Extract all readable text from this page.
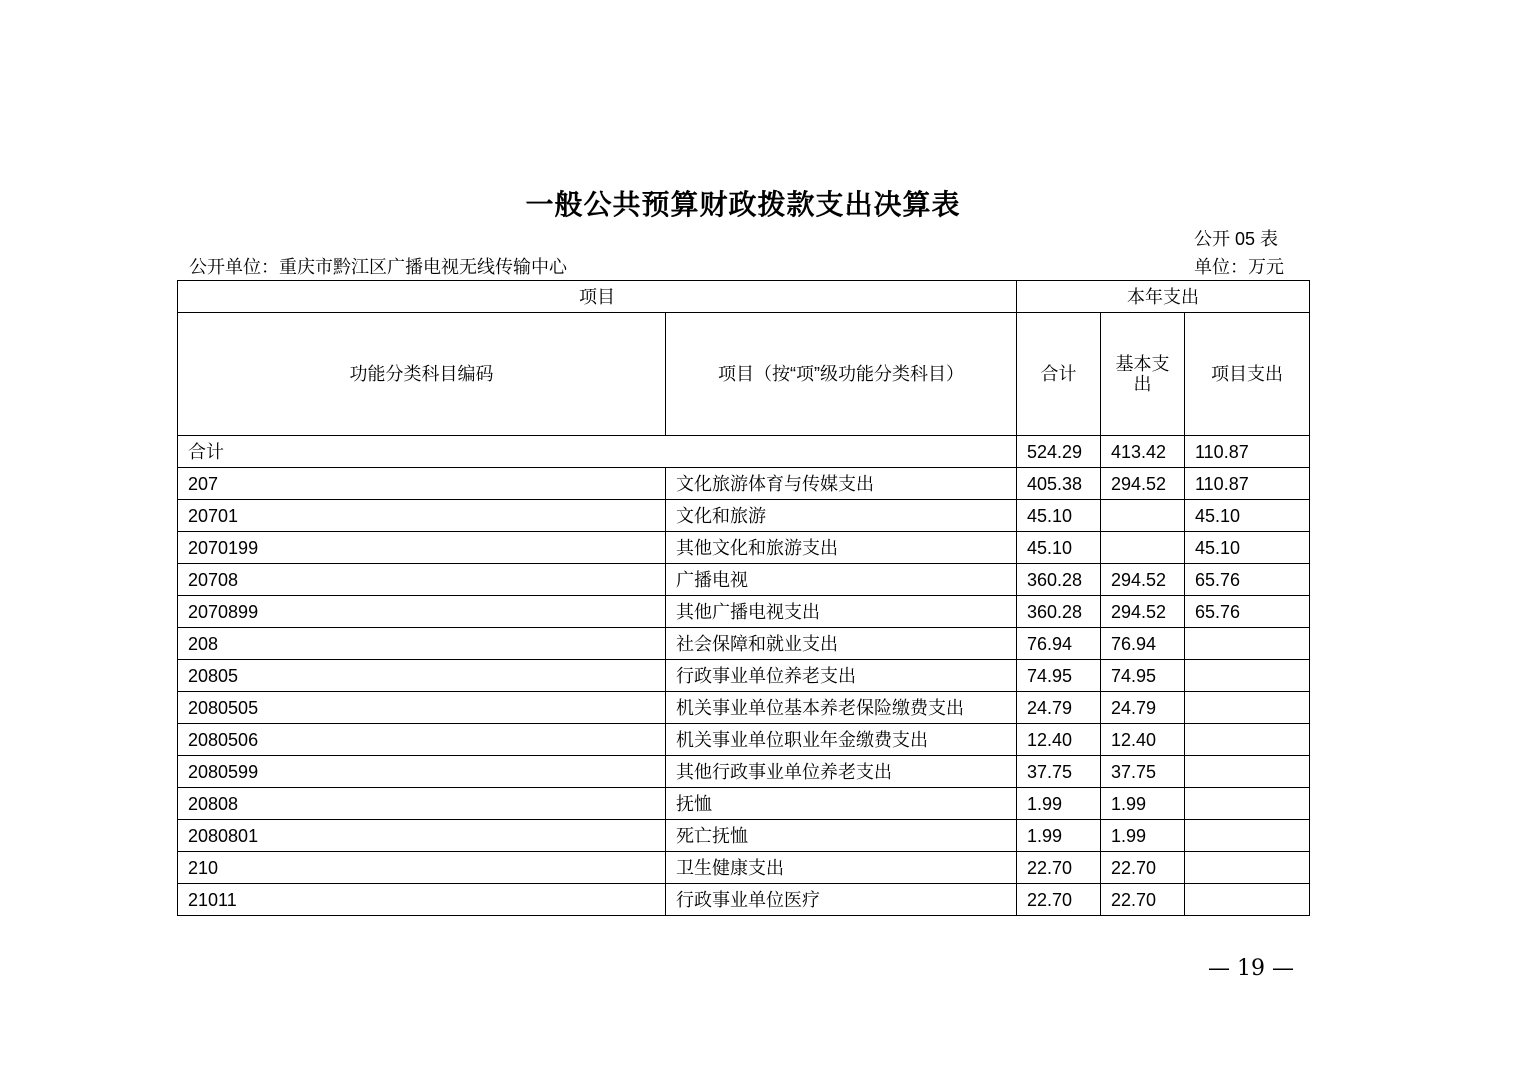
一般公共预算财政拨款支出决算表
公开 05 表
公开单位：重庆市黔江区广播电视无线传输中心	单位：万元
项目		本年支出		
功能分类科目编码	项目（按“项”级功能分类科目）	合计	基本支出	项目支出
合计		524.29	413.42	110.87
207	文化旅游体育与传媒支出	405.38	294.52	110.87
20701	文化和旅游	45.10		45.10
2070199	其他文化和旅游支出	45.10		45.10
20708	广播电视	360.28	294.52	65.76
2070899	其他广播电视支出	360.28	294.52	65.76
208	社会保障和就业支出	76.94	76.94	
20805	行政事业单位养老支出	74.95	74.95	
2080505	机关事业单位基本养老保险缴费支出	24.79	24.79	
2080506	机关事业单位职业年金缴费支出	12.40	12.40	
2080599	其他行政事业单位养老支出	37.75	37.75	
20808	抚恤	1.99	1.99	
2080801	死亡抚恤	1.99	1.99	
210	卫生健康支出	22.70	22.70	
21011	行政事业单位医疗	22.70	22.70	
— 19 —
